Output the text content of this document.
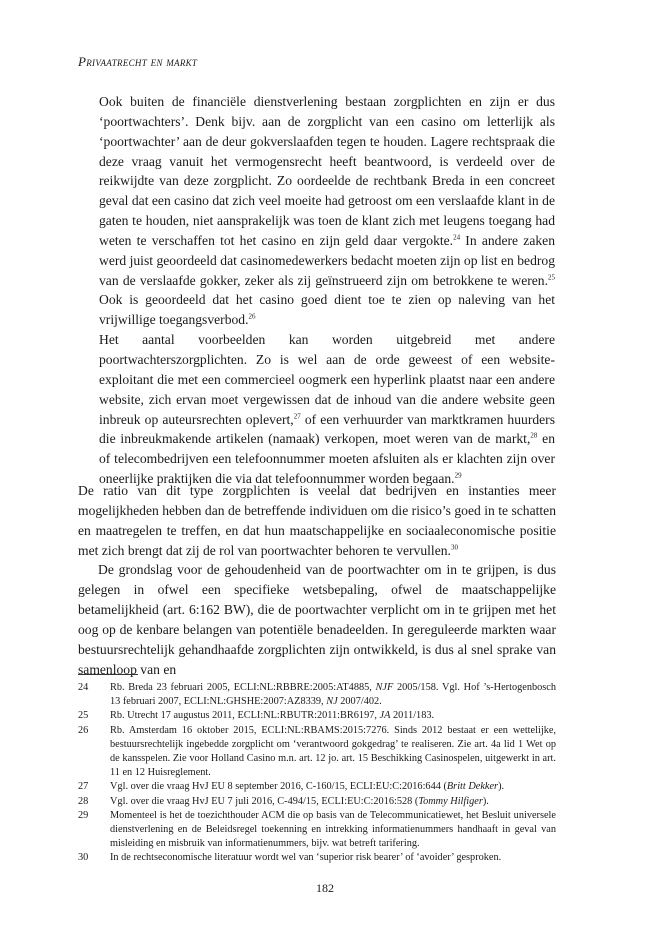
Privaatrecht en markt

Ook buiten de financiële dienstverlening bestaan zorgplichten en zijn er dus ‘poortwachters’. Denk bijv. aan de zorgplicht van een casino om letterlijk als ‘poortwachter’ aan de deur gokverslaafden tegen te houden. Lagere rechtspraak die deze vraag vanuit het vermogensrecht heeft beantwoord, is verdeeld over de reikwijdte van deze zorgplicht. Zo oordeelde de rechtbank Breda in een concreet geval dat een casino dat zich veel moeite had getroost om een verslaafde klant in de gaten te houden, niet aansprakelijk was toen de klant zich met leugens toegang had weten te verschaffen tot het casino en zijn geld daar vergokte.$^{24}$ In andere zaken werd juist geoordeeld dat casinomedewerkers bedacht moeten zijn op list en bedrog van de verslaafde gokker, zeker als zij geïnstrueerd zijn om betrokkene te weren.$^{25}$ Ook is geoordeeld dat het casino goed dient toe te zien op naleving van het vrijwillige toegangsverbod.$^{26}$

Het aantal voorbeelden kan worden uitgebreid met andere poortwachterszorgplichten. Zo is wel aan de orde geweest of een website-exploitant die met een commercieel oogmerk een hyperlink plaatst naar een andere website, zich ervan moet vergewissen dat de inhoud van die andere website geen inbreuk op auteursrechten oplevert,$^{27}$ of een verhuurder van marktkramen huurders die inbreukmakende artikelen (namaak) verkopen, moet weren van de markt,$^{28}$ en of telecombedrijven een telefoonnummer moeten afsluiten als er klachten zijn over oneerlijke praktijken die via dat telefoonnummer worden begaan.$^{29}$

De ratio van dit type zorgplichten is veelal dat bedrijven en instanties meer mogelijkheden hebben dan de betreffende individuen om die risico’s goed in te schatten en maatregelen te treffen, en dat hun maatschappelijke en sociaaleconomische positie met zich brengt dat zij de rol van poortwachter behoren te vervullen.$^{30}$

De grondslag voor de gehoudenheid van de poortwachter om in te grijpen, is dus gelegen in ofwel een specifieke wetsbepaling, ofwel de maatschappelijke betamelijkheid (art. 6:162 BW), die de poortwachter verplicht om in te grijpen met het oog op de kenbare belangen van potentiële benadeelden. In gereguleerde markten waar bestuursrechtelijk gehandhaafde zorgplichten zijn ontwikkeld, is dus al snel sprake van samenloop van en

24	Rb. Breda 23 februari 2005, ECLI:NL:RBBRE:2005:AT4885, NJF 2005/158. Vgl. Hof ’s-Hertogenbosch 13 februari 2007, ECLI:NL:GHSHE:2007:AZ8339, NJ 2007/402.
25	Rb. Utrecht 17 augustus 2011, ECLI:NL:RBUTR:2011:BR6197, JA 2011/183.
26	Rb. Amsterdam 16 oktober 2015, ECLI:NL:RBAMS:2015:7276. Sinds 2012 bestaat er een wettelijke, bestuursrechtelijk ingebedde zorgplicht om ‘verantwoord gokgedrag’ te realiseren. Zie art. 4a lid 1 Wet op de kansspelen. Zie voor Holland Casino m.n. art. 12 jo. art. 15 Beschikking Casinospelen, uitgewerkt in art. 11 en 12 Huisreglement.
27	Vgl. over die vraag HvJ EU 8 september 2016, C-160/15, ECLI:EU:C:2016:644 (Britt Dekker).
28	Vgl. over die vraag HvJ EU 7 juli 2016, C-494/15, ECLI:EU:C:2016:528 (Tommy Hilfiger).
29	Momenteel is het de toezichthouder ACM die op basis van de Telecommunicatiewet, het Besluit universele dienstverlening en de Beleidsregel toekenning en intrekking informatienummers handhaaft in geval van misleiding en misbruik van informatienummers, bijv. wat betreft tarifering.
30	In de rechtseconomische literatuur wordt wel van ‘superior risk bearer’ of ‘avoider’ gesproken.
182
